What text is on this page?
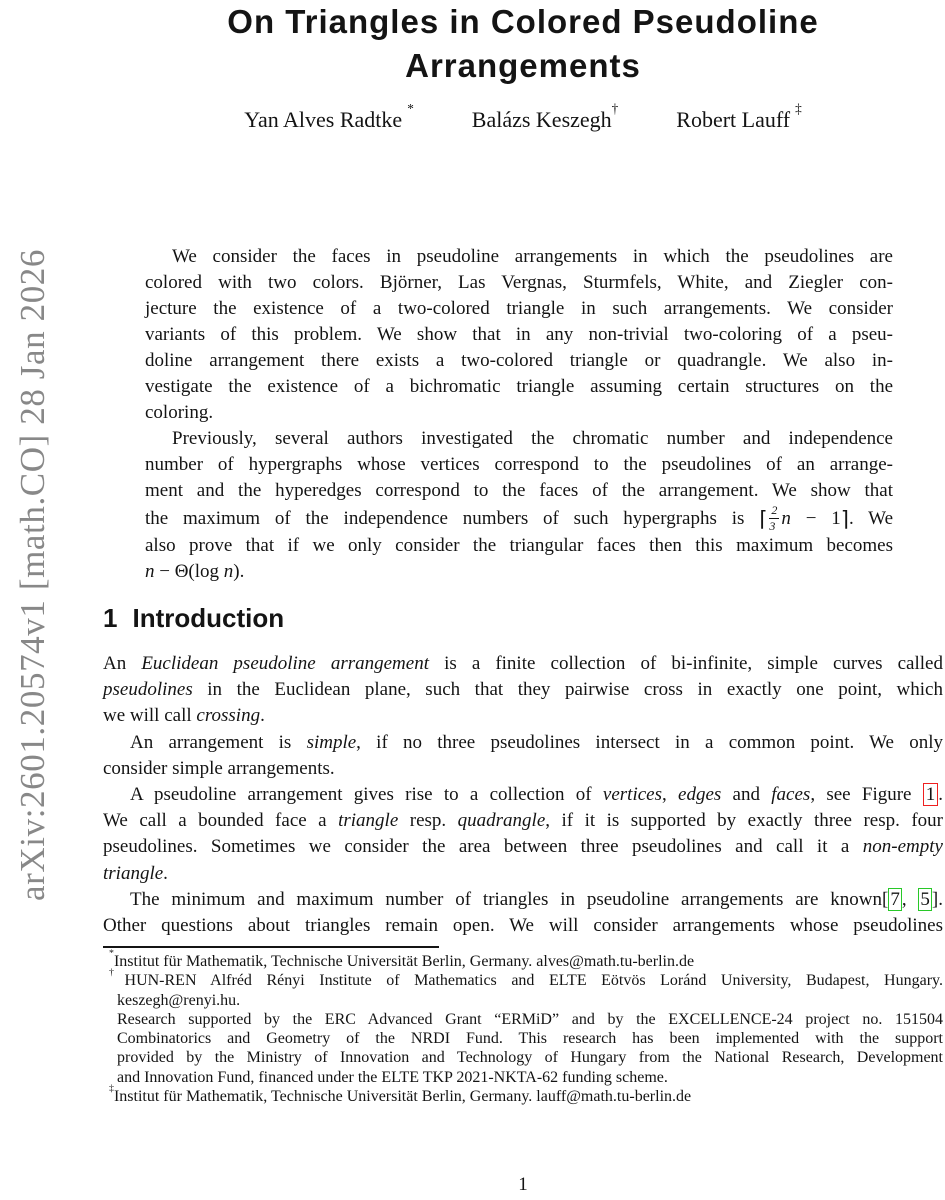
arXiv:2601.20574v1 [math.CO] 28 Jan 2026
On Triangles in Colored Pseudoline
Arrangements
Yan Alves Radtke *	Balázs Keszegh†	Robert Lauff ‡
We consider the faces in pseudoline arrangements in which the pseudolines are
colored with two colors. Björner, Las Vergnas, Sturmfels, White, and Ziegler con-
jecture the existence of a two-colored triangle in such arrangements. We consider
variants of this problem. We show that in any non-trivial two-coloring of a pseu-
doline arrangement there exists a two-colored triangle or quadrangle. We also in-
vestigate the existence of a bichromatic triangle assuming certain structures on the
coloring.
Previously, several authors investigated the chromatic number and independence
number of hypergraphs whose vertices correspond to the pseudolines of an arrange-
ment and the hyperedges correspond to the faces of the arrangement. We show that
the maximum of the independence numbers of such hypergraphs is ⌈ $\frac{2}{3}$ n − 1⌉. We
also prove that if we only consider the triangular faces then this maximum becomes
n − Θ(log n).
1 Introduction
An Euclidean pseudoline arrangement is a finite collection of bi-infinite, simple curves called
pseudolines in the Euclidean plane, such that they pairwise cross in exactly one point, which
we will call crossing.
An arrangement is simple, if no three pseudolines intersect in a common point. We only
consider simple arrangements.
A pseudoline arrangement gives rise to a collection of vertices, edges and faces, see Figure 1 .
We call a bounded face a triangle resp. quadrangle, if it is supported by exactly three resp. four
pseudolines. Sometimes we consider the area between three pseudolines and call it a non-empty
triangle.
The minimum and maximum number of triangles in pseudoline arrangements are known[ 7 , 5 ].
Other questions about triangles remain open. We will consider arrangements whose pseudolines
*Institut für Mathematik, Technische Universität Berlin, Germany. alves@math.tu-berlin.de
†HUN-REN Alfréd Rényi Institute of Mathematics and ELTE Eötvös Loránd University, Budapest, Hungary.
keszegh@renyi.hu.
Research supported by the ERC Advanced Grant “ERMiD” and by the EXCELLENCE-24 project no. 151504
Combinatorics and Geometry of the NRDI Fund. This research has been implemented with the support
provided by the Ministry of Innovation and Technology of Hungary from the National Research, Development
and Innovation Fund, financed under the ELTE TKP 2021-NKTA-62 funding scheme.
‡Institut für Mathematik, Technische Universität Berlin, Germany. lauff@math.tu-berlin.de
1
